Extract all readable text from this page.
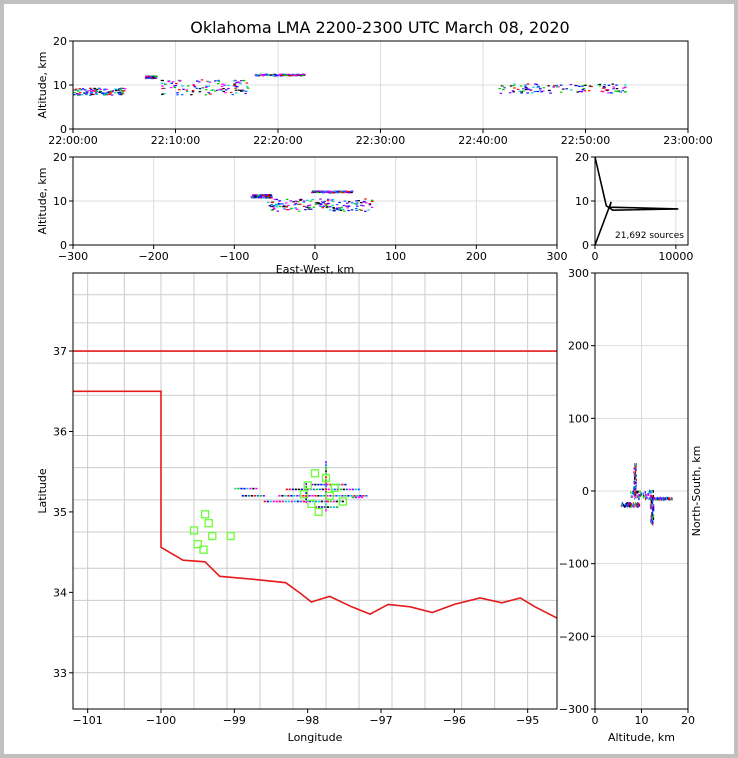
Oklahoma LMA 2200-2300 UTC March 08, 2020
22:00:00	22:10:00	22:20:00	22:30:00	22:40:00	22:50:00	23:00:00
0
10
20
Altitude, km
−300	−200	−100	0	100	200	300
0
10
20
Altitude, km
East-West, km
0	10000
0
10
20
−101	−100	−99	−98	−97	−96	−95
33
34
35
36
37
Longitude
Latitude
0	10	20
−300
−200
−100
0
100
200
300
Altitude, km
North-South, km
21,692 sources
